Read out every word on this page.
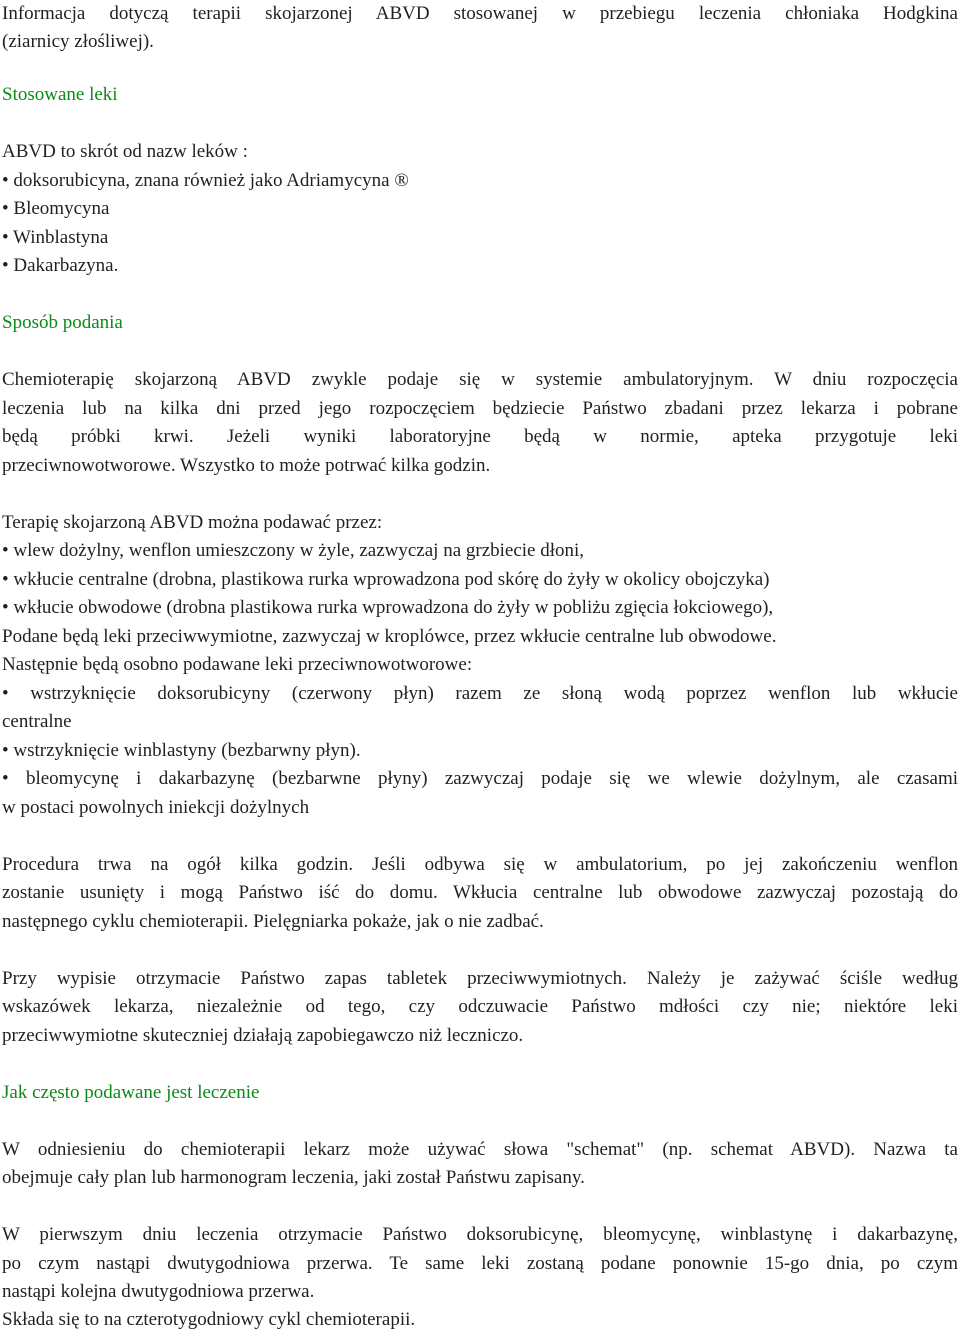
Informacja dotyczą terapii skojarzonej ABVD stosowanej w przebiegu leczenia chłoniaka Hodgkina
(ziarnicy złośliwej).
Stosowane leki
ABVD to skrót od nazw leków :
• doksorubicyna, znana również jako Adriamycyna ®
• Bleomycyna
• Winblastyna
• Dakarbazyna.
Sposób podania
Chemioterapię skojarzoną ABVD zwykle podaje się w systemie ambulatoryjnym. W dniu rozpoczęcia
leczenia lub na kilka dni przed jego rozpoczęciem będziecie Państwo zbadani przez lekarza i pobrane
będą próbki krwi. Jeżeli wyniki laboratoryjne będą w normie, apteka przygotuje leki
przeciwnowotworowe. Wszystko to może potrwać kilka godzin.
Terapię skojarzoną ABVD można podawać przez:
• wlew dożylny, wenflon umieszczony w żyle, zazwyczaj na grzbiecie dłoni,
• wkłucie centralne (drobna, plastikowa rurka wprowadzona pod skórę do żyły w okolicy obojczyka)
• wkłucie obwodowe (drobna plastikowa rurka wprowadzona do żyły w pobliżu zgięcia łokciowego),
Podane będą leki przeciwwymiotne, zazwyczaj w kroplówce, przez wkłucie centralne lub obwodowe.
Następnie będą osobno podawane leki przeciwnowotworowe:
• wstrzyknięcie doksorubicyny (czerwony płyn) razem ze słoną wodą poprzez wenflon lub wkłucie
centralne
• wstrzyknięcie winblastyny (bezbarwny płyn).
• bleomycynę i dakarbazynę (bezbarwne płyny) zazwyczaj podaje się we wlewie dożylnym, ale czasami
w postaci powolnych iniekcji dożylnych
Procedura trwa na ogół kilka godzin. Jeśli odbywa się w ambulatorium, po jej zakończeniu wenflon
zostanie usunięty i mogą Państwo iść do domu. Wkłucia centralne lub obwodowe zazwyczaj pozostają do
następnego cyklu chemioterapii. Pielęgniarka pokaże, jak o nie zadbać.
Przy wypisie otrzymacie Państwo zapas tabletek przeciwwymiotnych. Należy je zażywać ściśle według
wskazówek lekarza, niezależnie od tego, czy odczuwacie Państwo mdłości czy nie; niektóre leki
przeciwwymiotne skuteczniej działają zapobiegawczo niż leczniczo.
Jak często podawane jest leczenie
W odniesieniu do chemioterapii lekarz może używać słowa "schemat" (np. schemat ABVD). Nazwa ta
obejmuje cały plan lub harmonogram leczenia, jaki został Państwu zapisany.
W pierwszym dniu leczenia otrzymacie Państwo doksorubicynę, bleomycynę, winblastynę i dakarbazynę,
po czym nastąpi dwutygodniowa przerwa. Te same leki zostaną podane ponownie 15-go dnia, po czym
nastąpi kolejna dwutygodniowa przerwa.
Składa się to na czterotygodniowy cykl chemioterapii.
